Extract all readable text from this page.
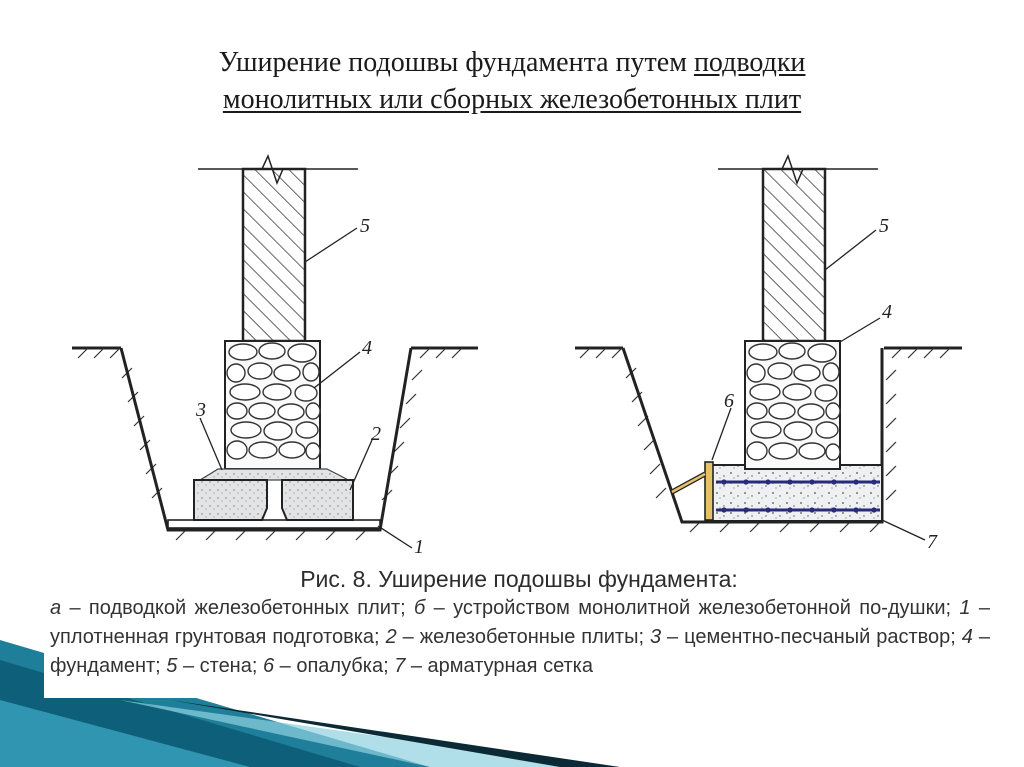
Уширение подошвы фундамента путем подводки
монолитных или сборных железобетонных плит
5
4
3
2
1
5
4
6
7
Рис. 8. Уширение подошвы фундамента:
а – подводкой железобетонных плит; б – устройством монолитной железобетонной по-душки; 1 – уплотненная грунтовая подготовка; 2 – железобетонные плиты; 3 – цементно-песчаный раствор; 4 – фундамент; 5 – стена; 6 – опалубка; 7 – арматурная сетка
